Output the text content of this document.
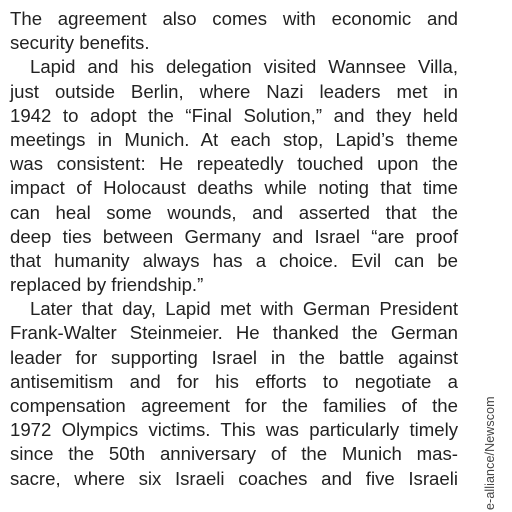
The agreement also comes with economic and
security benefits.
Lapid and his delegation visited Wannsee Villa,
just outside Berlin, where Nazi leaders met in
1942 to adopt the “Final Solution,” and they held
meetings in Munich. At each stop, Lapid’s theme
was consistent: He repeatedly touched upon the
impact of Holocaust deaths while noting that time
can heal some wounds, and asserted that the
deep ties between Germany and Israel “are proof
that humanity always has a choice. Evil can be
replaced by friendship.”
Later that day, Lapid met with German President
Frank-Walter Steinmeier. He thanked the German
leader for supporting Israel in the battle against
antisemitism and for his efforts to negotiate a
compensation agreement for the families of the
1972 Olympics victims. This was particularly timely
since the 50th anniversary of the Munich mas-
sacre, where six Israeli coaches and five Israeli e-alliance/Newscom
